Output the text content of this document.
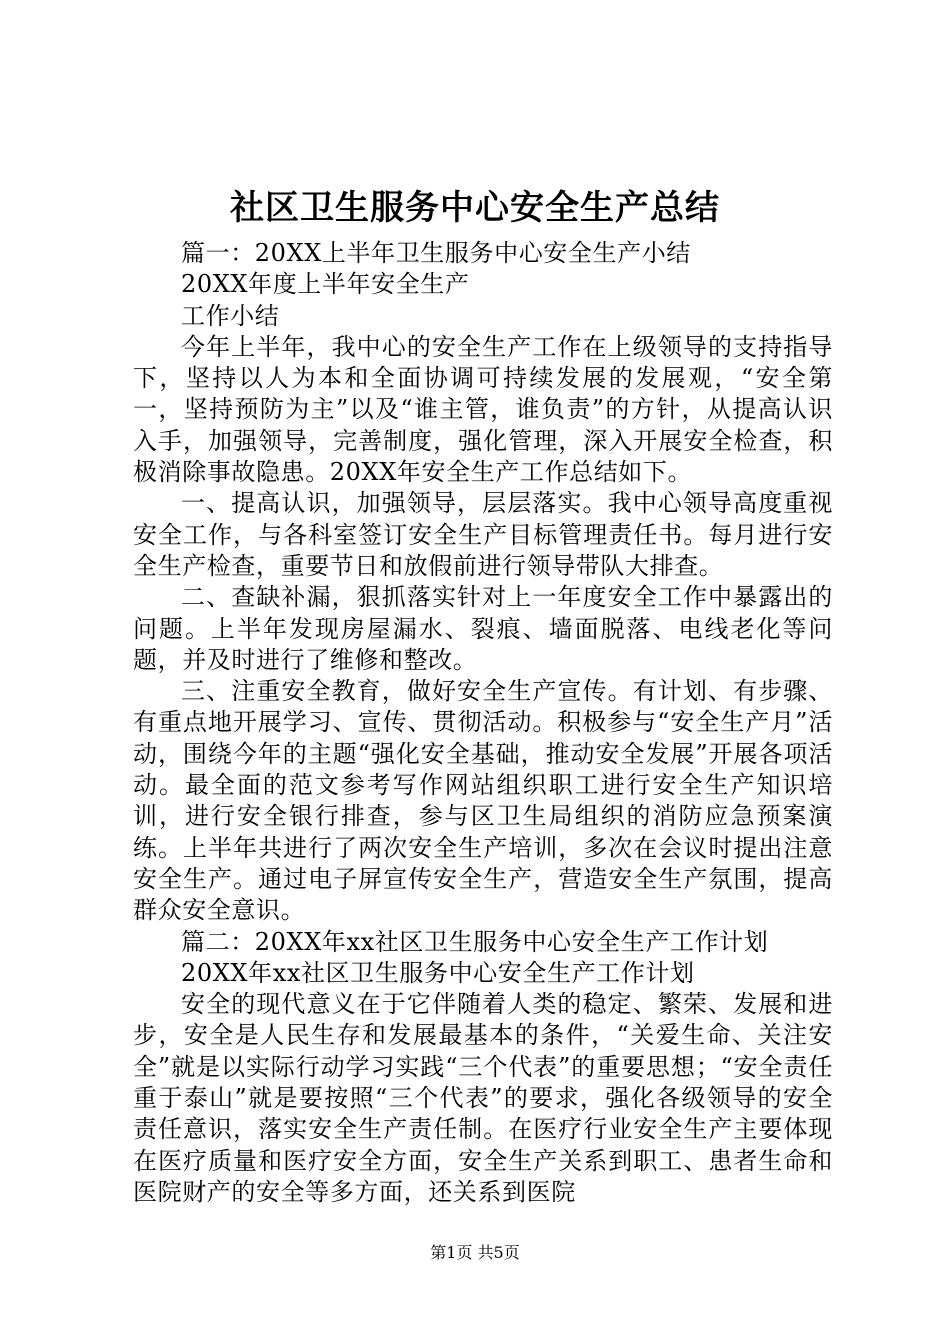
社区卫生服务中心安全生产总结

篇一：20XX上半年卫生服务中心安全生产小结

20XX年度上半年安全生产

工作小结

今年上半年，我中心的安全生产工作在上级领导的支持指导下，坚持以人为本和全面协调可持续发展的发展观，“安全第一，坚持预防为主”以及“谁主管，谁负责”的方针，从提高认识入手，加强领导，完善制度，强化管理，深入开展安全检查，积极消除事故隐患。20XX年安全生产工作总结如下。

一、提高认识，加强领导，层层落实。我中心领导高度重视安全工作，与各科室签订安全生产目标管理责任书。每月进行安全生产检查，重要节日和放假前进行领导带队大排查。

二、查缺补漏，狠抓落实针对上一年度安全工作中暴露出的问题。上半年发现房屋漏水、裂痕、墙面脱落、电线老化等问题，并及时进行了维修和整改。

三、注重安全教育，做好安全生产宣传。有计划、有步骤、有重点地开展学习、宣传、贯彻活动。积极参与“安全生产月”活动，围绕今年的主题“强化安全基础，推动安全发展”开展各项活动。最全面的范文参考写作网站组织职工进行安全生产知识培训，进行安全银行排查，参与区卫生局组织的消防应急预案演练。上半年共进行了两次安全生产培训，多次在会议时提出注意安全生产。通过电子屏宣传安全生产，营造安全生产氛围，提高群众安全意识。

篇二：20XX年xx社区卫生服务中心安全生产工作计划

20XX年xx社区卫生服务中心安全生产工作计划

安全的现代意义在于它伴随着人类的稳定、繁荣、发展和进步，安全是人民生存和发展最基本的条件，“关爱生命、关注安全”就是以实际行动学习实践“三个代表”的重要思想；“安全责任重于泰山”就是要按照“三个代表”的要求，强化各级领导的安全责任意识，落实安全生产责任制。在医疗行业安全生产主要体现在医疗质量和医疗安全方面，安全生产关系到职工、患者生命和医院财产的安全等多方面，还关系到医院

第1页 共5页
